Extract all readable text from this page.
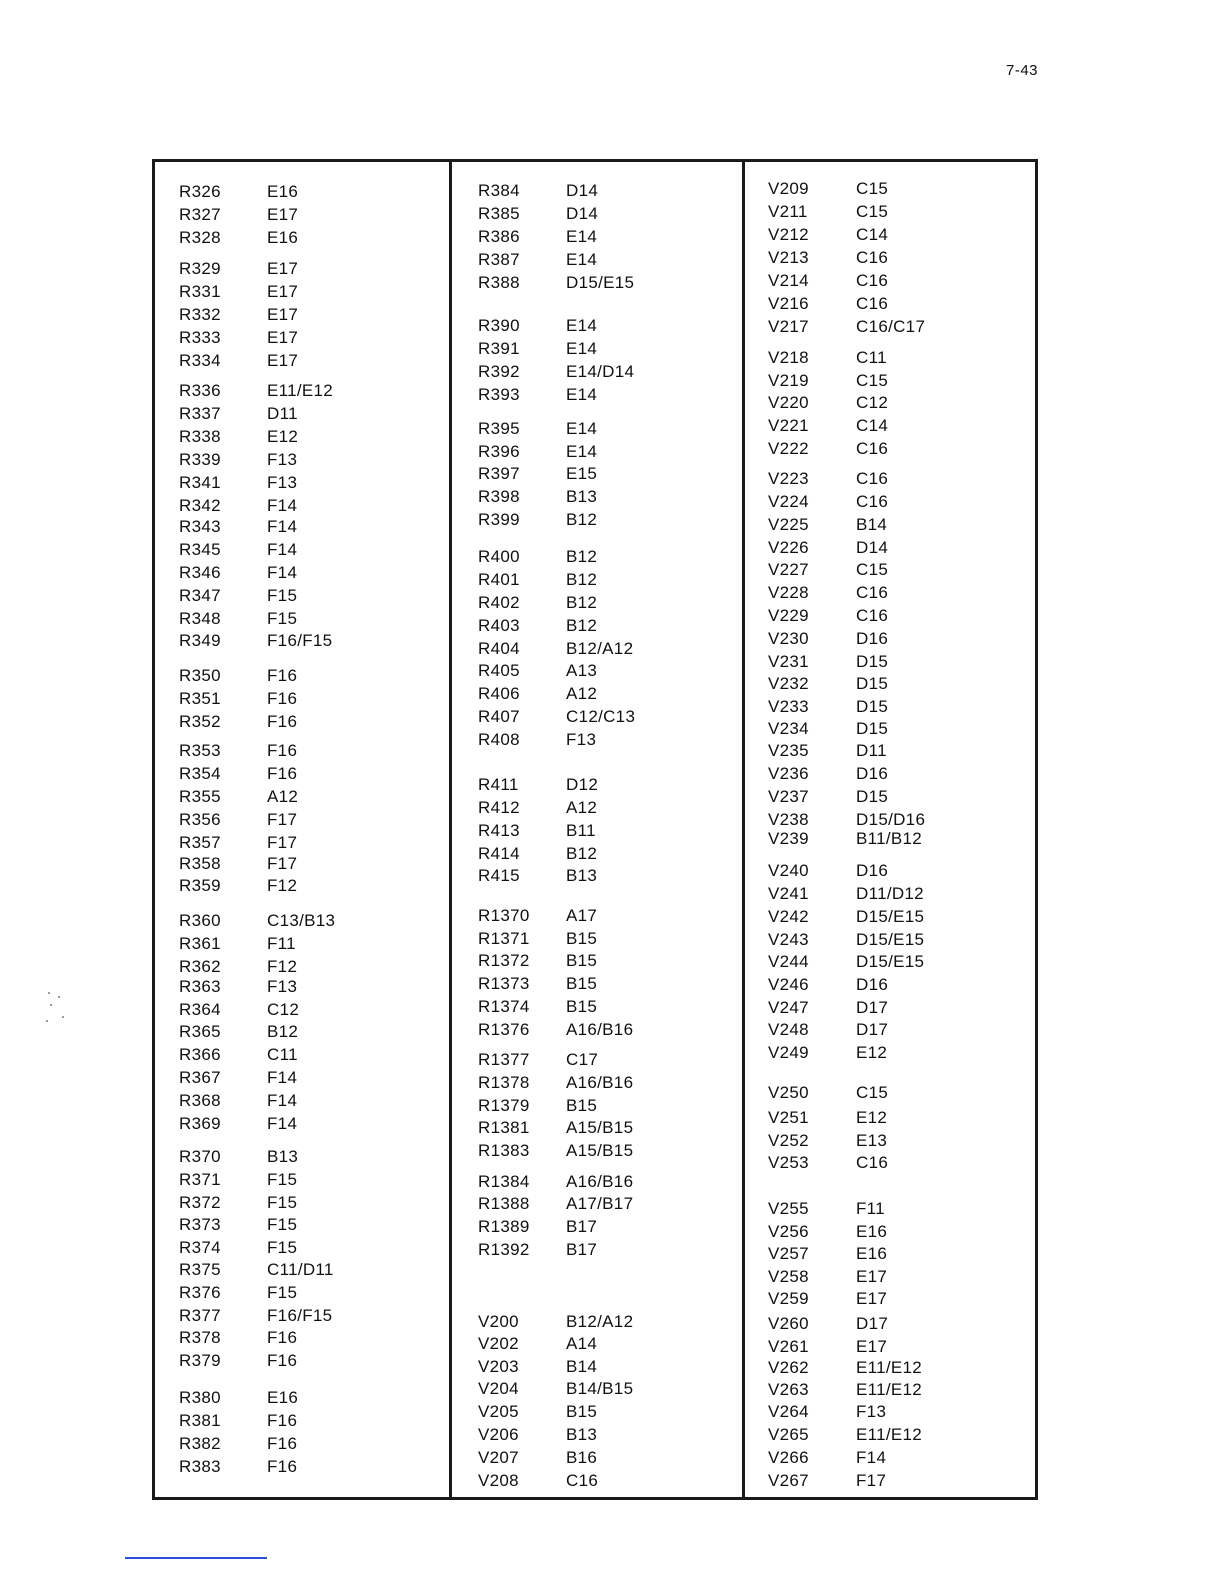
7-43
R326	E16
R327	E17
R328	E16
R329	E17
R331	E17
R332	E17
R333	E17
R334	E17
R336	E11/E12
R337	D11
R338	E12
R339	F13
R341	F13
R342	F14
R343	F14
R345	F14
R346	F14
R347	F15
R348	F15
R349	F16/F15
R350	F16
R351	F16
R352	F16
R353	F16
R354	F16
R355	A12
R356	F17
R357	F17
R358	F17
R359	F12
R360	C13/B13
R361	F11
R362	F12
R363	F13
R364	C12
R365	B12
R366	C11
R367	F14
R368	F14
R369	F14
R370	B13
R371	F15
R372	F15
R373	F15
R374	F15
R375	C11/D11
R376	F15
R377	F16/F15
R378	F16
R379	F16
R380	E16
R381	F16
R382	F16
R383	F16
R384	D14
R385	D14
R386	E14
R387	E14
R388	D15/E15
R390	E14
R391	E14
R392	E14/D14
R393	E14
R395	E14
R396	E14
R397	E15
R398	B13
R399	B12
R400	B12
R401	B12
R402	B12
R403	B12
R404	B12/A12
R405	A13
R406	A12
R407	C12/C13
R408	F13
R411	D12
R412	A12
R413	B11
R414	B12
R415	B13
R1370 A17
R1371 B15
R1372 B15
R1373 B15
R1374 B15
R1376 A16/B16
R1377 C17
R1378 A16/B16
R1379 B15
R1381 A15/B15
R1383 A15/B15
R1384 A16/B16
R1388 A17/B17
R1389 B17
R1392 B17
V200	B12/A12
V202	A14
V203	B14
V204	B14/B15
V205	B15
V206	B13
V207	B16
V208	C16
V209	C15
V211	C15
V212	C14
V213	C16
V214	C16
V216	C16
V217	C16/C17
V218	C11
V219	C15
V220	C12
V221	C14
V222	C16
V223	C16
V224	C16
V225	B14
V226	D14
V227	C15
V228	C16
V229	C16
V230	D16
V231	D15
V232	D15
V233	D15
V234	D15
V235	D11
V236	D16
V237	D15
V238	D15/D16
V239	B11/B12
V240	D16
V241	D11/D12
V242	D15/E15
V243	D15/E15
V244	D15/E15
V246	D16
V247	D17
V248	D17
V249	E12
V250	C15
V251	E12
V252	E13
V253	C16
V255	F11
V256	E16
V257	E16
V258	E17
V259	E17
V260	D17
V261	E17
V262	E11/E12
V263	E11/E12
V264	F13
V265	E11/E12
V266	F14
V267	F17
